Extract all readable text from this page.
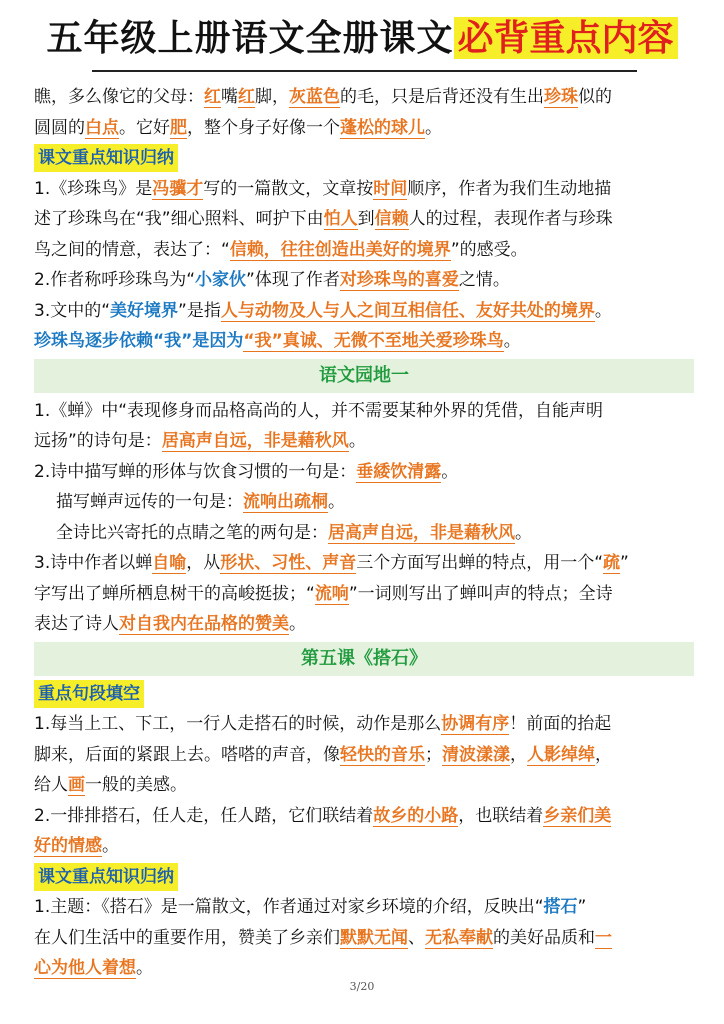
五年级上册语文全册课文 必背重点内容
瞧，多么像它的父母：红嘴红脚，灰蓝色的毛，只是后背还没有生出珍珠似的
圆圆的白点。它好肥，整个身子好像一个蓬松的球儿。
课文重点知识归纳
1.《珍珠鸟》是冯骥才写的一篇散文，文章按时间顺序，作者为我们生动地描
述了珍珠鸟在“我”细心照料、呵护下由怕人到信赖人的过程，表现作者与珍珠
鸟之间的情意，表达了：“信赖，往往创造出美好的境界”的感受。
2.作者称呼珍珠鸟为“小家伙”体现了作者对珍珠鸟的喜爱之情。
3.文中的“美好境界”是指人与动物及人与人之间互相信任、友好共处的境界。
珍珠鸟逐步依赖“我”是因为“我”真诚、无微不至地关爱珍珠鸟。
语文园地一
1.《蝉》中“表现修身而品格高尚的人，并不需要某种外界的凭借，自能声明
远扬”的诗句是：居高声自远，非是藉秋风。
2.诗中描写蝉的形体与饮食习惯的一句是：垂緌饮清露。
描写蝉声远传的一句是：流响出疏桐。
全诗比兴寄托的点睛之笔的两句是：居高声自远，非是藉秋风。
3.诗中作者以蝉自喻，从形状、习性、声音三个方面写出蝉的特点，用一个“疏”
字写出了蝉所栖息树干的高峻挺拔；“流响”一词则写出了蝉叫声的特点；全诗
表达了诗人对自我内在品格的赞美。
第五课《搭石》
重点句段填空
1.每当上工、下工，一行人走搭石的时候，动作是那么协调有序！前面的抬起
脚来，后面的紧跟上去。嗒嗒的声音，像轻快的音乐；清波漾漾，人影绰绰，
给人画一般的美感。
2.一排排搭石，任人走，任人踏，它们联结着故乡的小路，也联结着乡亲们美
好的情感。
课文重点知识归纳
1.主题：《搭石》是一篇散文，作者通过对家乡环境的介绍，反映出“搭石”
在人们生活中的重要作用，赞美了乡亲们默默无闻、无私奉献的美好品质和一
心为他人着想。
3/20
